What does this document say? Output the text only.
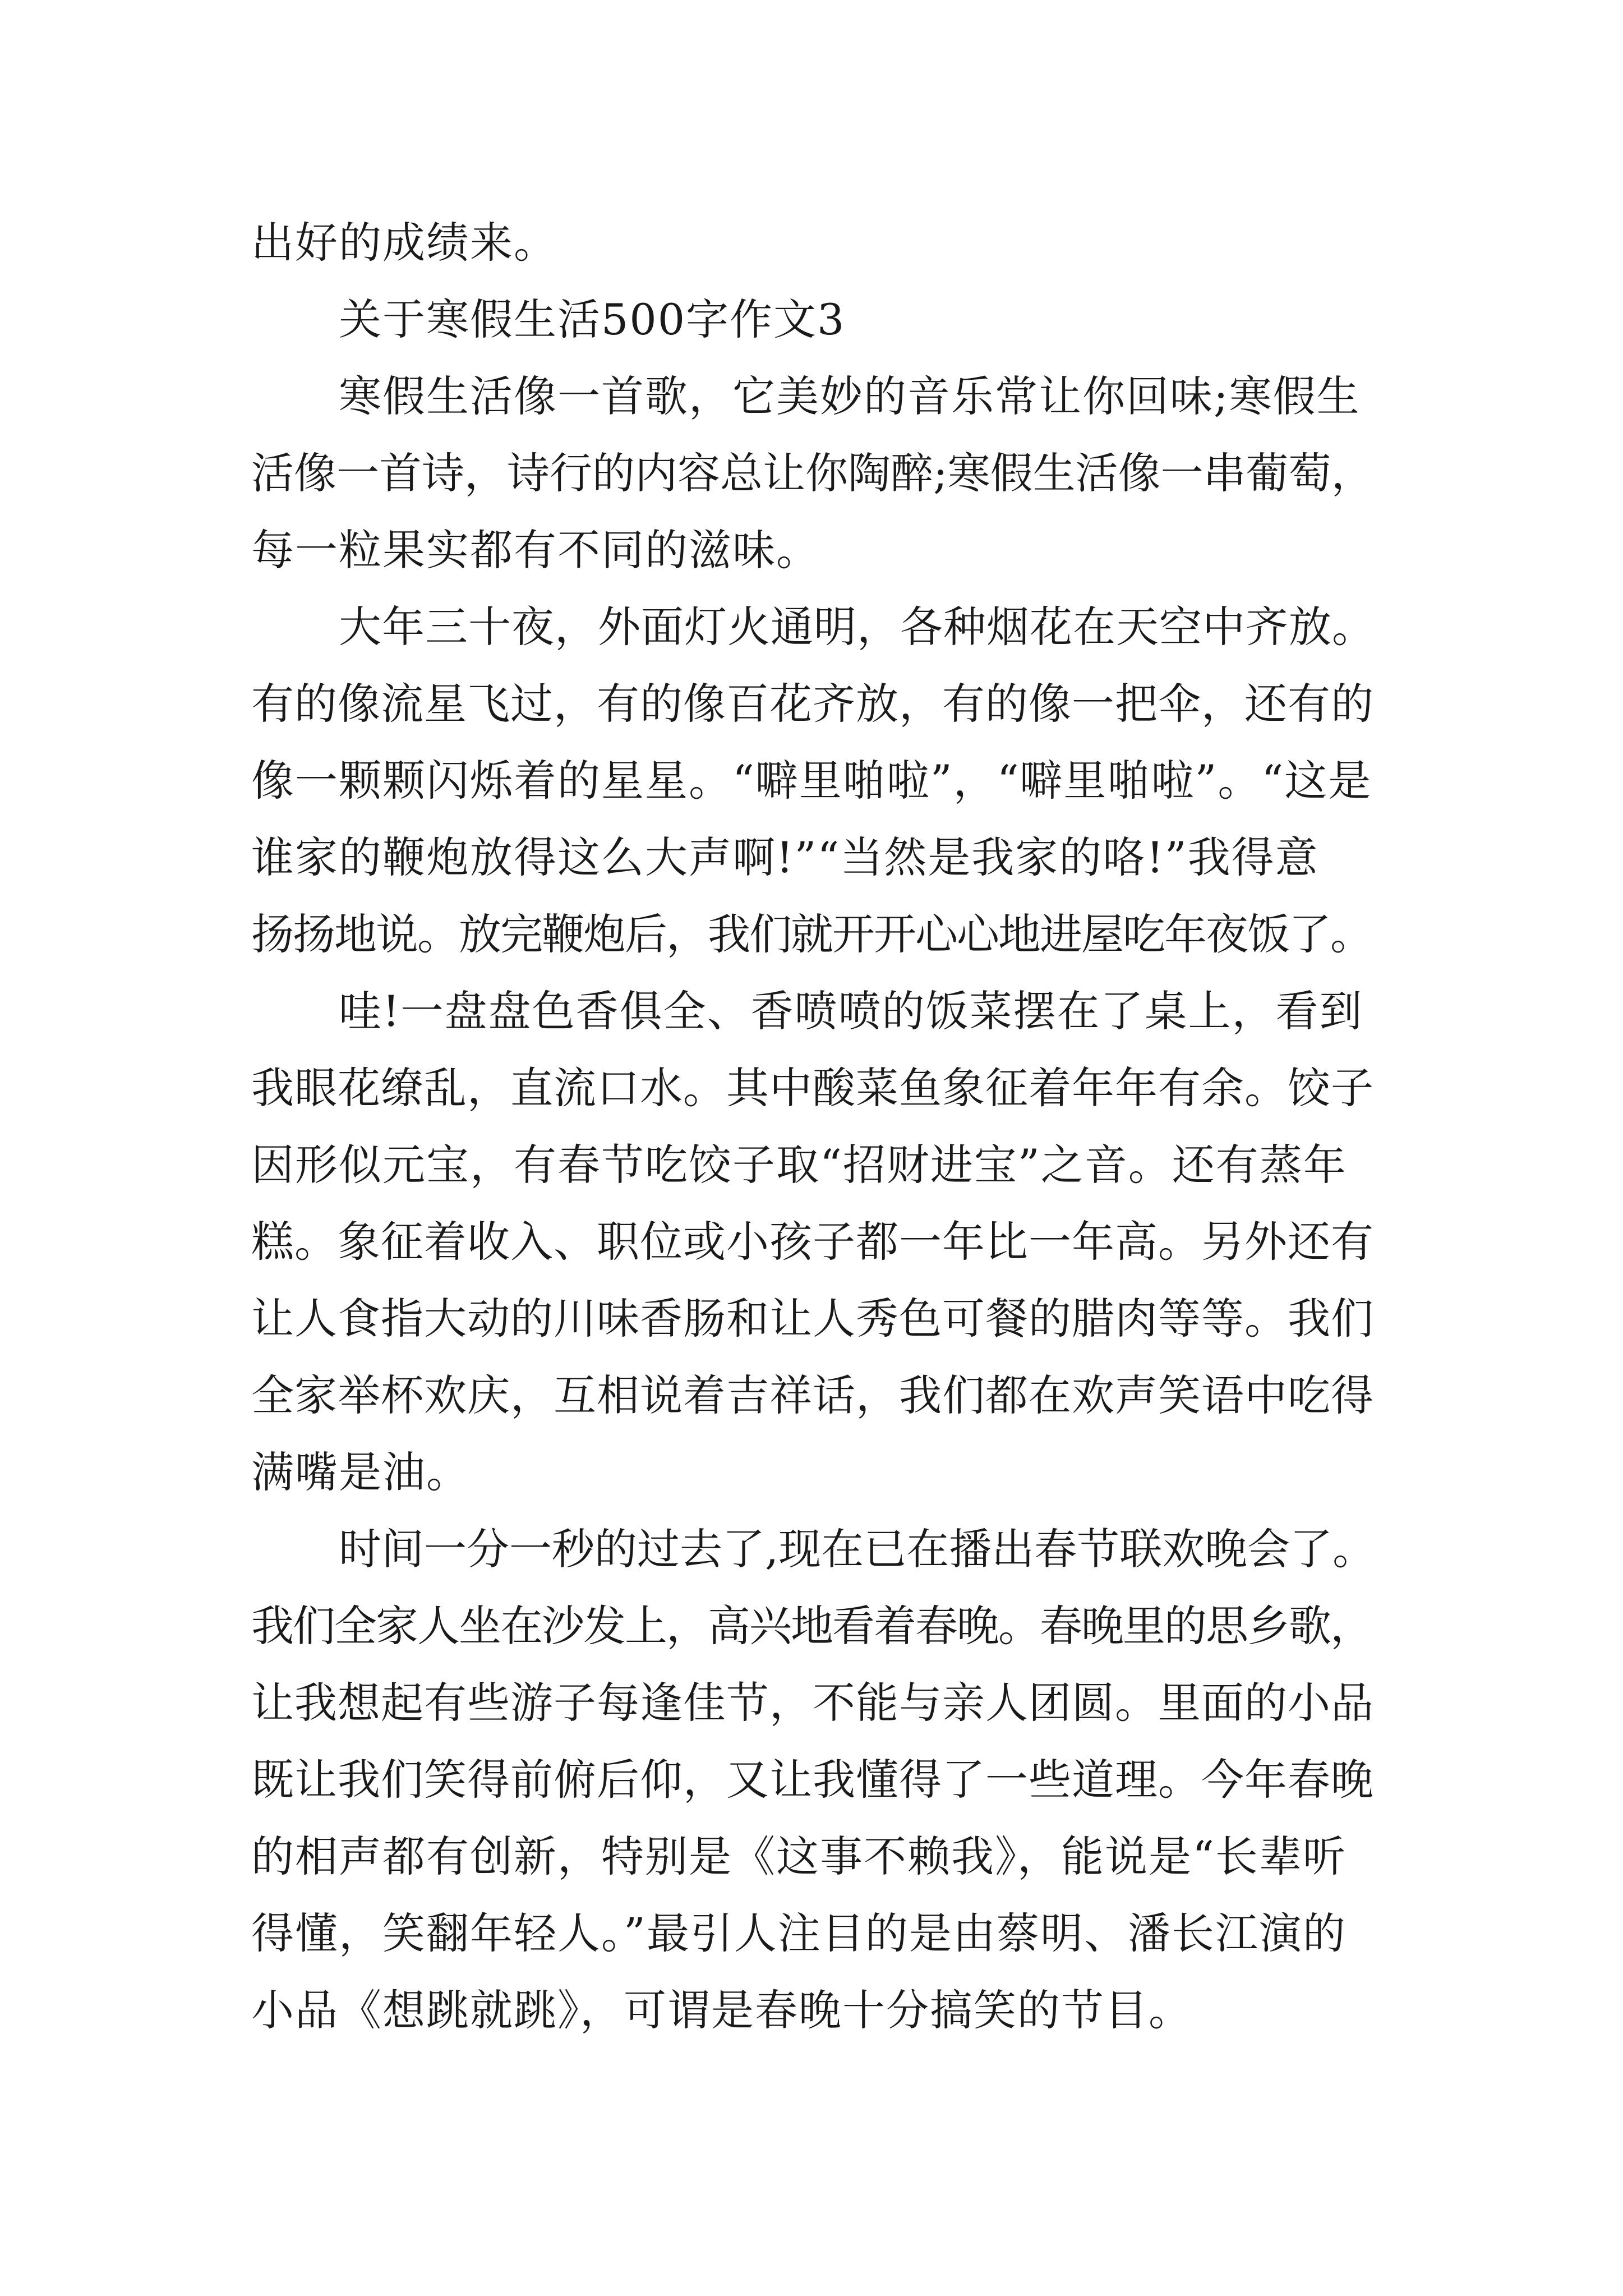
出好的成绩来。
关于寒假生活500字作文3
寒假生活像一首歌，它美妙的音乐常让你回味;寒假生
活像一首诗，诗行的内容总让你陶醉;寒假生活像一串葡萄，
每一粒果实都有不同的滋味。
大年三十夜，外面灯火通明，各种烟花在天空中齐放。
有的像流星飞过，有的像百花齐放，有的像一把伞，还有的
像一颗颗闪烁着的星星。“噼里啪啦”，“噼里啪啦”。“这是
谁家的鞭炮放得这么大声啊!”“当然是我家的咯!”我得意
扬扬地说。放完鞭炮后，我们就开开心心地进屋吃年夜饭了。
哇!一盘盘色香俱全、香喷喷的饭菜摆在了桌上，看到
我眼花缭乱，直流口水。其中酸菜鱼象征着年年有余。饺子
因形似元宝，有春节吃饺子取“招财进宝”之音。还有蒸年
糕。象征着收入、职位或小孩子都一年比一年高。另外还有
让人食指大动的川味香肠和让人秀色可餐的腊肉等等。我们
全家举杯欢庆，互相说着吉祥话，我们都在欢声笑语中吃得
满嘴是油。
时间一分一秒的过去了,现在已在播出春节联欢晚会了。
我们全家人坐在沙发上，高兴地看着春晚。春晚里的思乡歌，
让我想起有些游子每逢佳节，不能与亲人团圆。里面的小品
既让我们笑得前俯后仰，又让我懂得了一些道理。今年春晚
的相声都有创新，特别是《这事不赖我》，能说是“长辈听
得懂，笑翻年轻人。”最引人注目的是由蔡明、潘长江演的
小品《想跳就跳》，可谓是春晚十分搞笑的节目。
